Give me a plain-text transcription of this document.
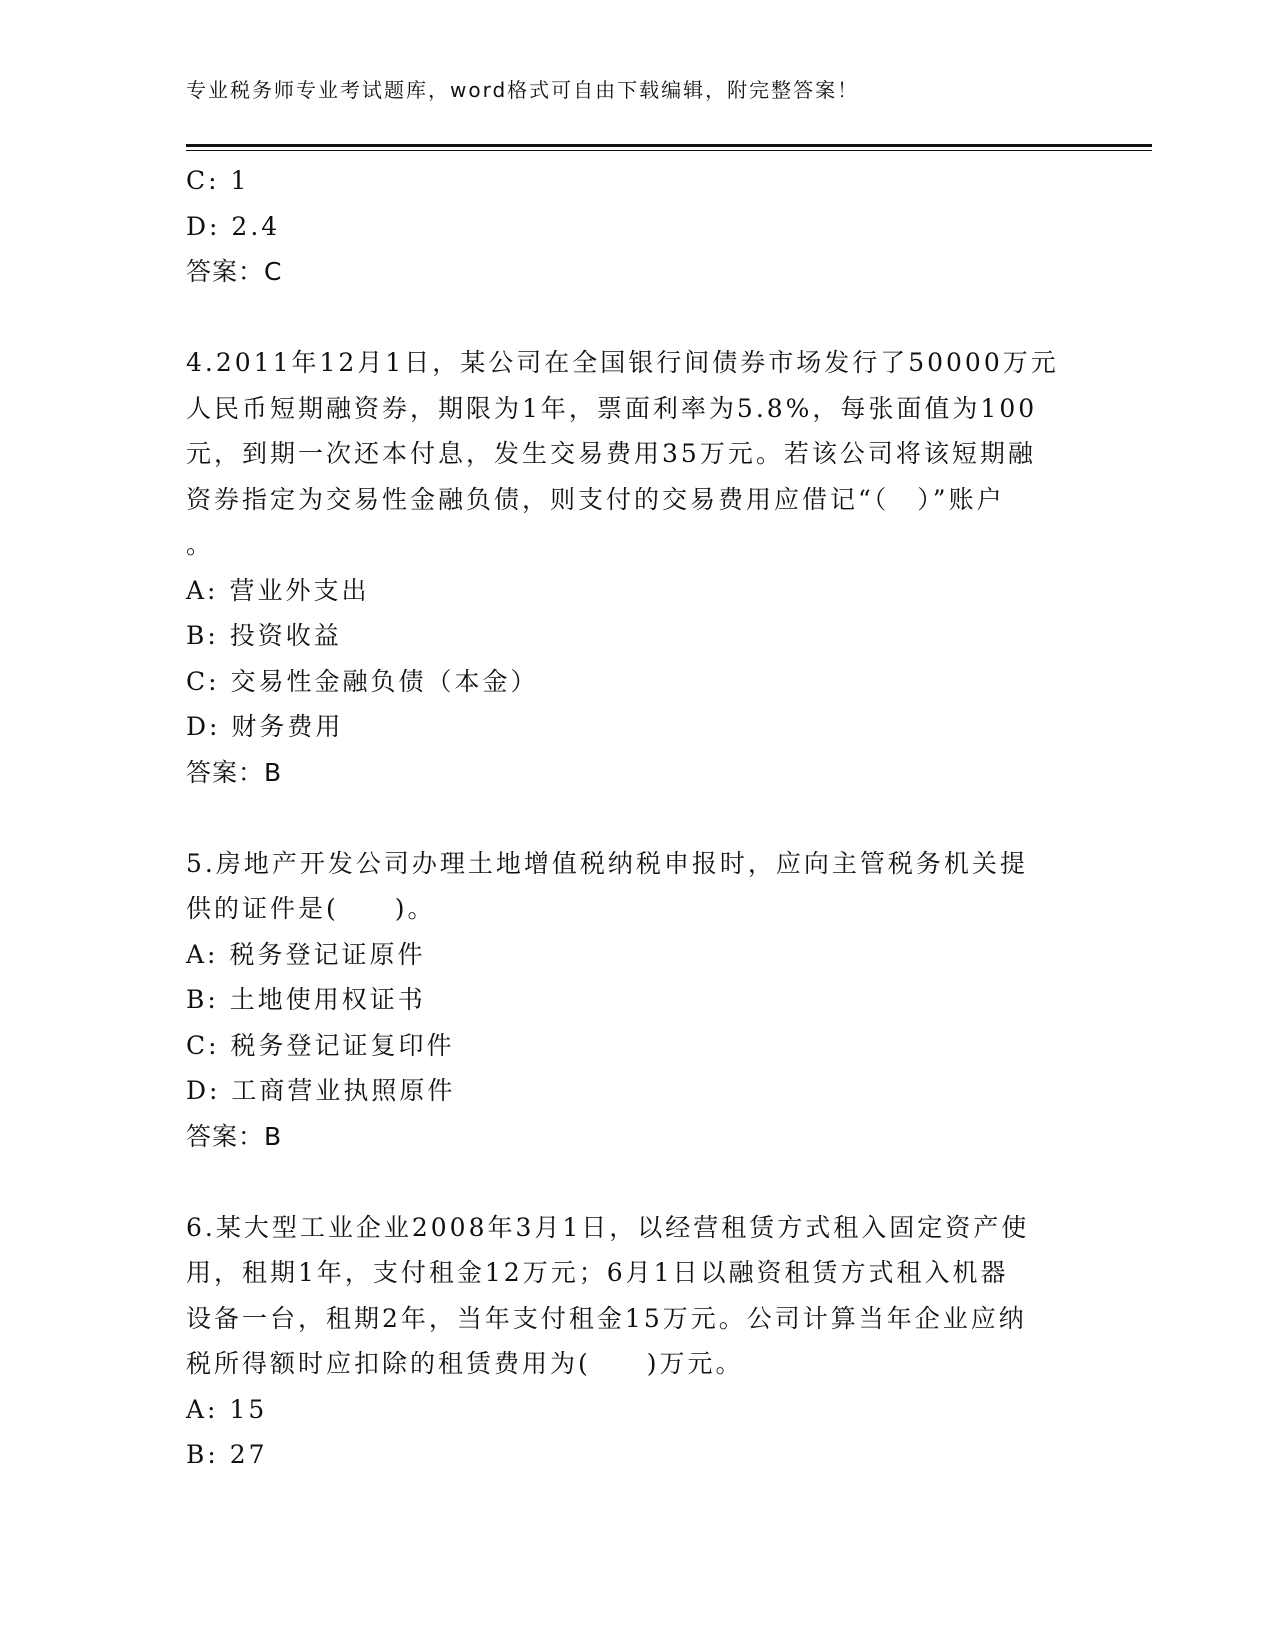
专业税务师专业考试题库，word格式可自由下载编辑，附完整答案！
C: 1
D: 2.4
答案：C
4.2011年12月1日，某公司在全国银行间债券市场发行了50000万元
人民币短期融资券，期限为1年，票面利率为5.8%，每张面值为100
元，到期一次还本付息，发生交易费用35万元。若该公司将该短期融
资券指定为交易性金融负债，则支付的交易费用应借记“（　）”账户
。
A: 营业外支出
B: 投资收益
C: 交易性金融负债（本金）
D: 财务费用
答案：B
5.房地产开发公司办理土地增值税纳税申报时，应向主管税务机关提
供的证件是(　　)。
A: 税务登记证原件
B: 土地使用权证书
C: 税务登记证复印件
D: 工商营业执照原件
答案：B
6.某大型工业企业2008年3月1日，以经营租赁方式租入固定资产使
用，租期1年，支付租金12万元；6月1日以融资租赁方式租入机器
设备一台，租期2年，当年支付租金15万元。公司计算当年企业应纳
税所得额时应扣除的租赁费用为(　　)万元。
A: 15
B: 27
